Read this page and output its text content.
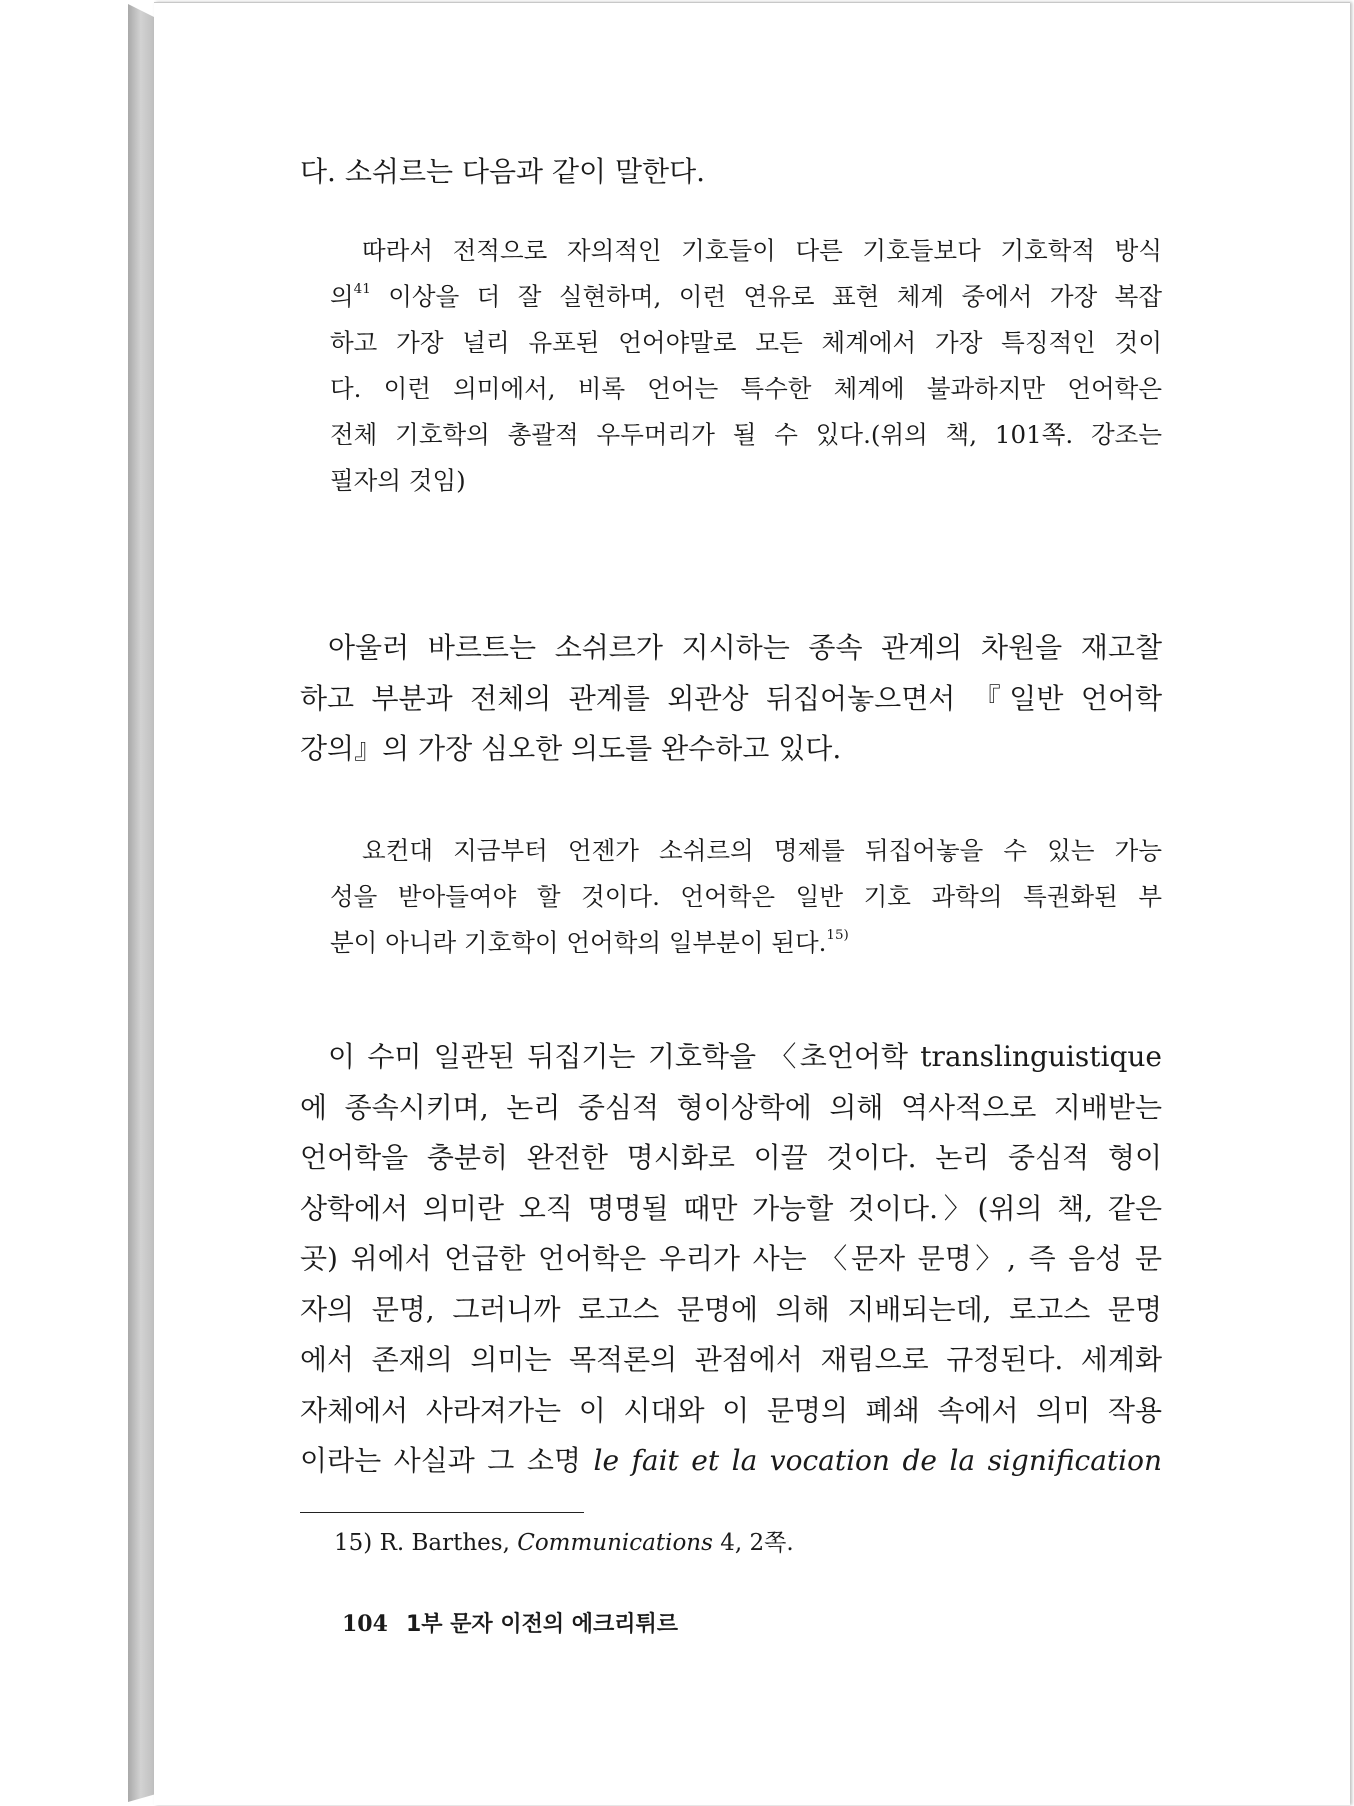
다. 소쉬르는 다음과 같이 말한다.

따라서 전적으로 자의적인 기호들이 다른 기호들보다 기호학적 방식
의$^{41}$ 이상을 더 잘 실현하며, 이런 연유로 표현 체계 중에서 가장 복잡
하고 가장 널리 유포된 언어야말로 모든 체계에서 가장 특징적인 것이
다. 이런 의미에서, 비록 언어는 특수한 체계에 불과하지만 언어학은
전체 기호학의 총괄적 우두머리가 될 수 있다.(위의 책, 101쪽. 강조는
필자의 것임)

아울러 바르트는 소쉬르가 지시하는 종속 관계의 차원을 재고찰
하고 부분과 전체의 관계를 외관상 뒤집어놓으면서 『일반 언어학
강의』의 가장 심오한 의도를 완수하고 있다.

요컨대 지금부터 언젠가 소쉬르의 명제를 뒤집어놓을 수 있는 가능
성을 받아들여야 할 것이다. 언어학은 일반 기호 과학의 특권화된 부
분이 아니라 기호학이 언어학의 일부분이 된다.$^{15)}$

이 수미 일관된 뒤집기는 기호학을 〈초언어학 translinguistique
에 종속시키며, 논리 중심적 형이상학에 의해 역사적으로 지배받는
언어학을 충분히 완전한 명시화로 이끌 것이다. 논리 중심적 형이
상학에서 의미란 오직 명명될 때만 가능할 것이다.〉(위의 책, 같은
곳) 위에서 언급한 언어학은 우리가 사는 〈문자 문명〉, 즉 음성 문
자의 문명, 그러니까 로고스 문명에 의해 지배되는데, 로고스 문명
에서 존재의 의미는 목적론의 관점에서 재림으로 규정된다. 세계화
자체에서 사라져가는 이 시대와 이 문명의 폐쇄 속에서 의미 작용
이라는 사실과 그 소명 le fait et la vocation de la signification

15) R. Barthes, Communications 4, 2쪽.
104 1부 문자 이전의 에크리튀르
